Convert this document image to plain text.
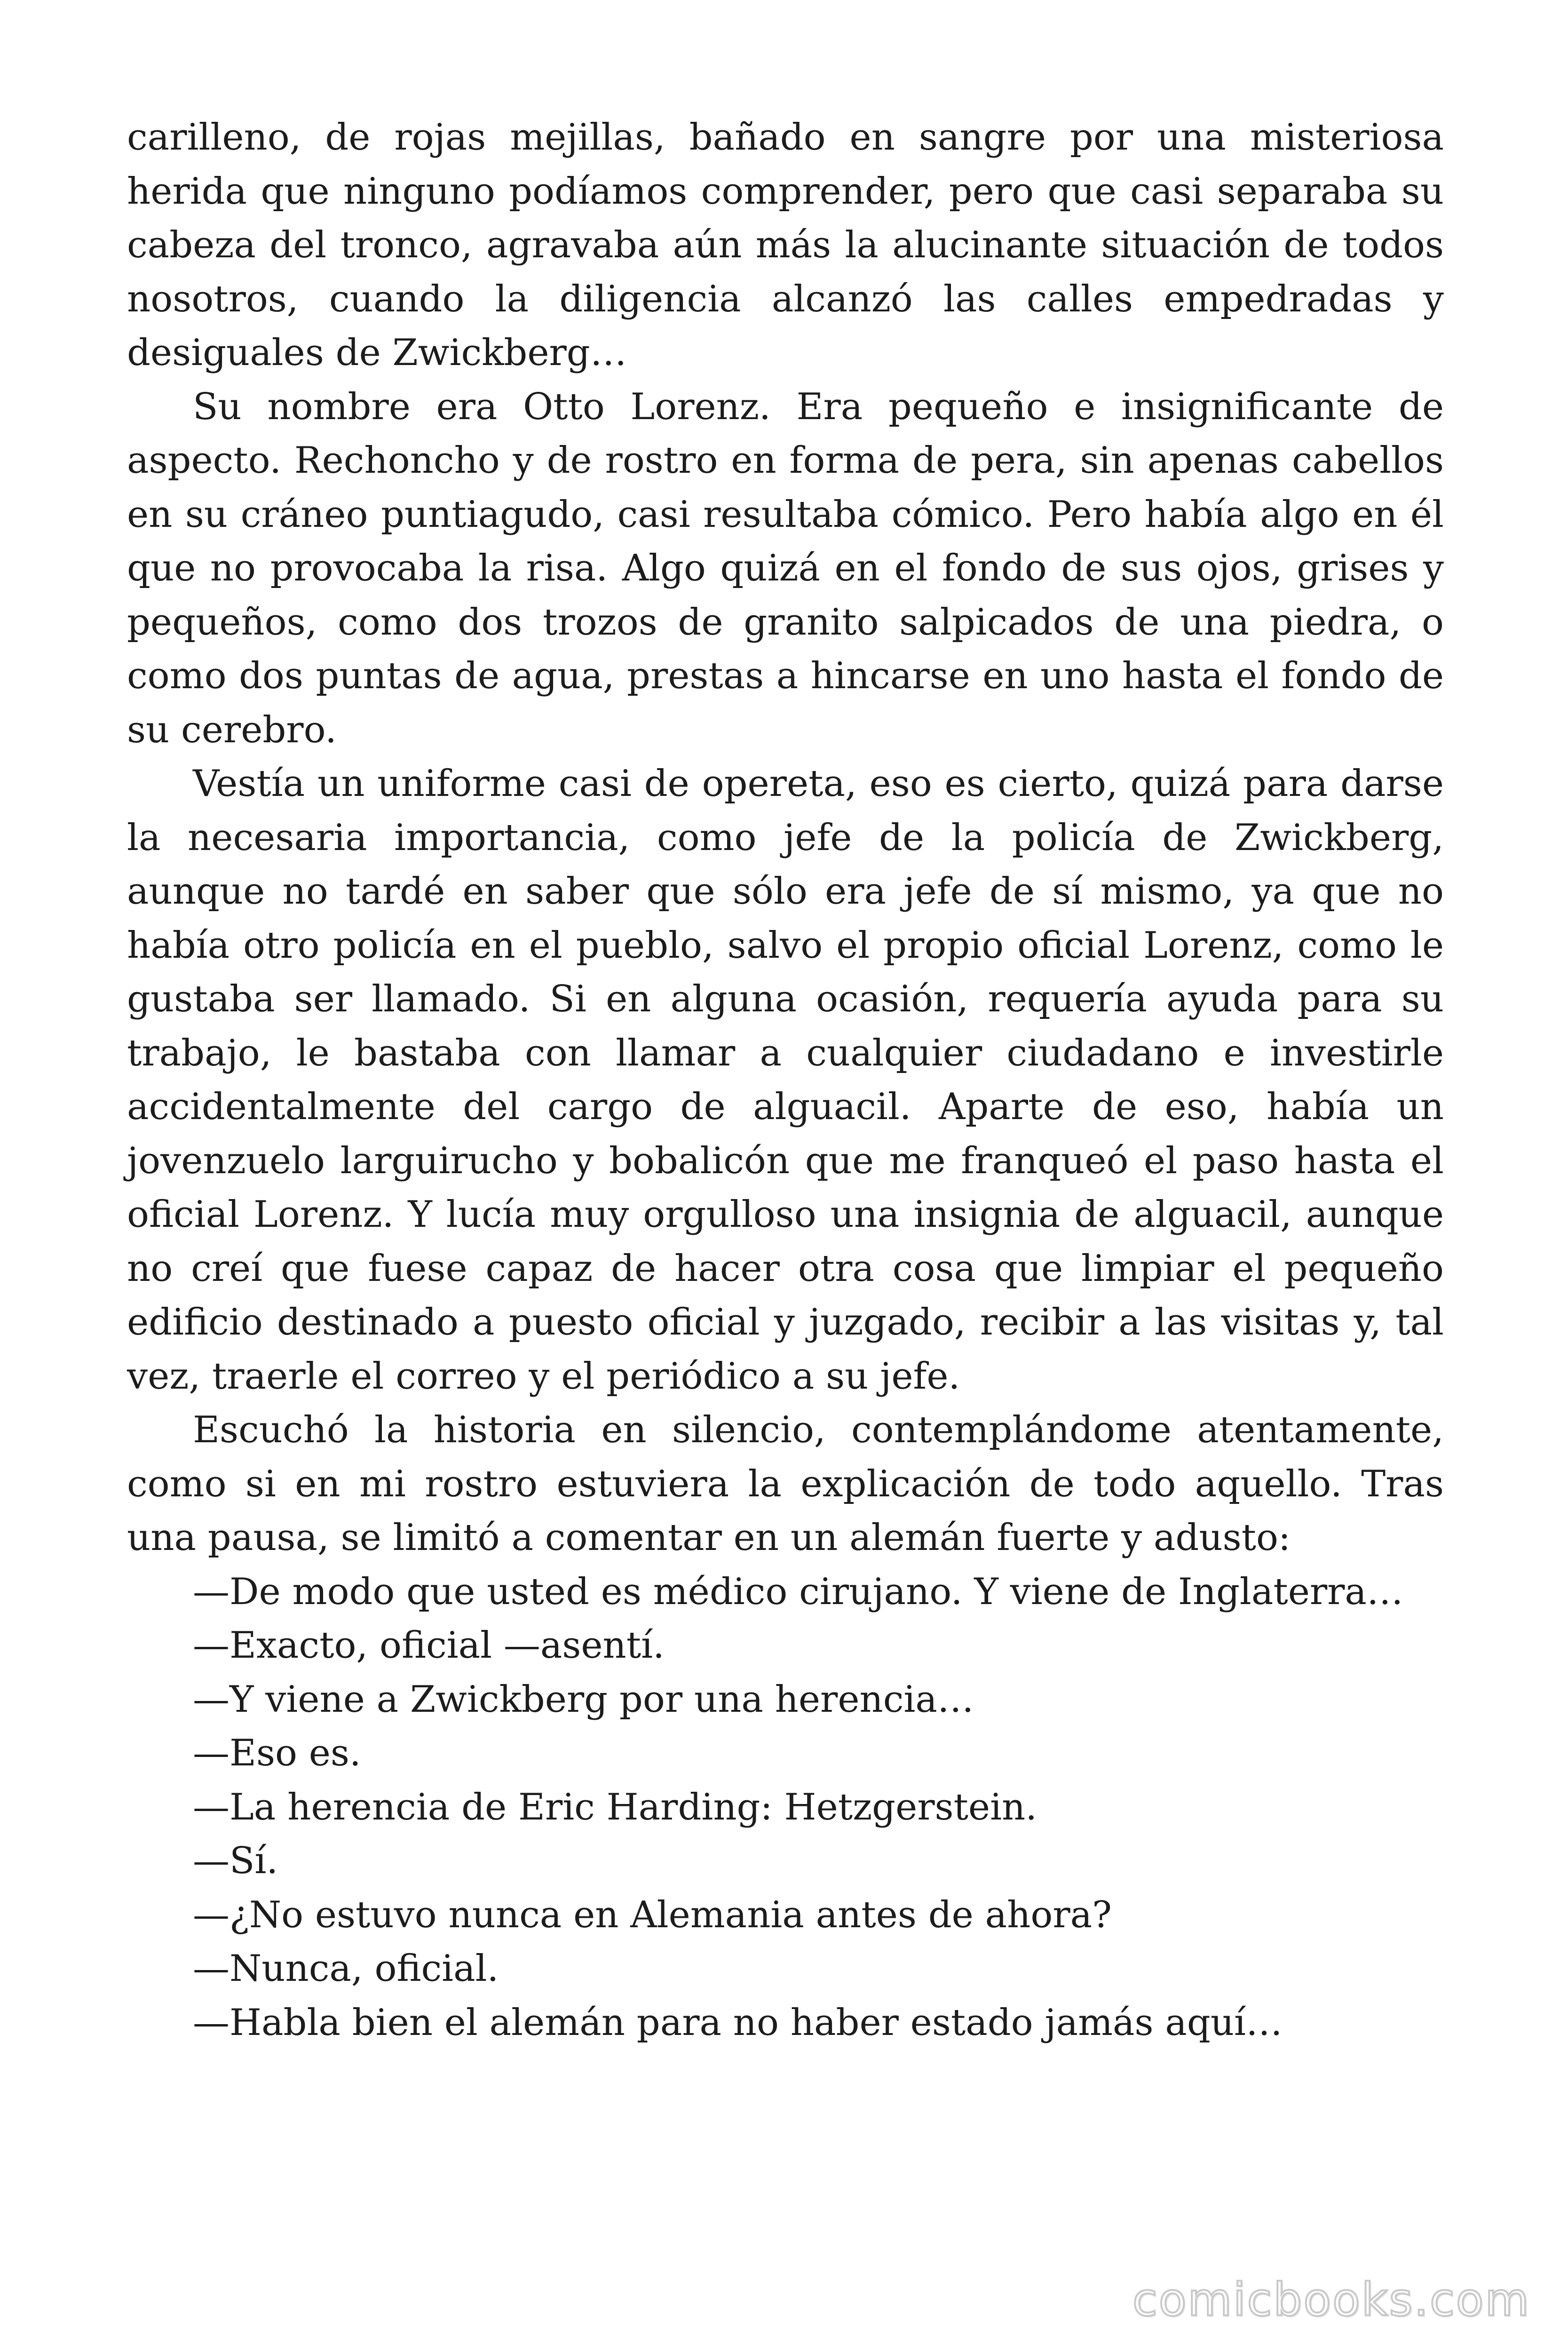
carilleno, de rojas mejillas, bañado en sangre por una misteriosa herida que ninguno podíamos comprender, pero que casi separaba su cabeza del tronco, agravaba aún más la alucinante situación de todos nosotros, cuando la diligencia alcanzó las calles empedradas y desiguales de Zwickberg…

Su nombre era Otto Lorenz. Era pequeño e insignificante de aspecto. Rechoncho y de rostro en forma de pera, sin apenas cabellos en su cráneo puntiagudo, casi resultaba cómico. Pero había algo en él que no provocaba la risa. Algo quizá en el fondo de sus ojos, grises y pequeños, como dos trozos de granito salpicados de una piedra, o como dos puntas de agua, prestas a hincarse en uno hasta el fondo de su cerebro.

Vestía un uniforme casi de opereta, eso es cierto, quizá para darse la necesaria importancia, como jefe de la policía de Zwickberg, aunque no tardé en saber que sólo era jefe de sí mismo, ya que no había otro policía en el pueblo, salvo el propio oficial Lorenz, como le gustaba ser llamado. Si en alguna ocasión, requería ayuda para su trabajo, le bastaba con llamar a cualquier ciudadano e investirle accidentalmente del cargo de alguacil. Aparte de eso, había un jovenzuelo larguirucho y bobalicón que me franqueó el paso hasta el oficial Lorenz. Y lucía muy orgulloso una insignia de alguacil, aunque no creí que fuese capaz de hacer otra cosa que limpiar el pequeño edificio destinado a puesto oficial y juzgado, recibir a las visitas y, tal vez, traerle el correo y el periódico a su jefe.

Escuchó la historia en silencio, contemplándome atentamente, como si en mi rostro estuviera la explicación de todo aquello. Tras una pausa, se limitó a comentar en un alemán fuerte y adusto:

—De modo que usted es médico cirujano. Y viene de Inglaterra…

—Exacto, oficial —asentí.

—Y viene a Zwickberg por una herencia…

—Eso es.

—La herencia de Eric Harding: Hetzgerstein.

—Sí.

—¿No estuvo nunca en Alemania antes de ahora?

—Nunca, oficial.

—Habla bien el alemán para no haber estado jamás aquí…

comicbooks.com
